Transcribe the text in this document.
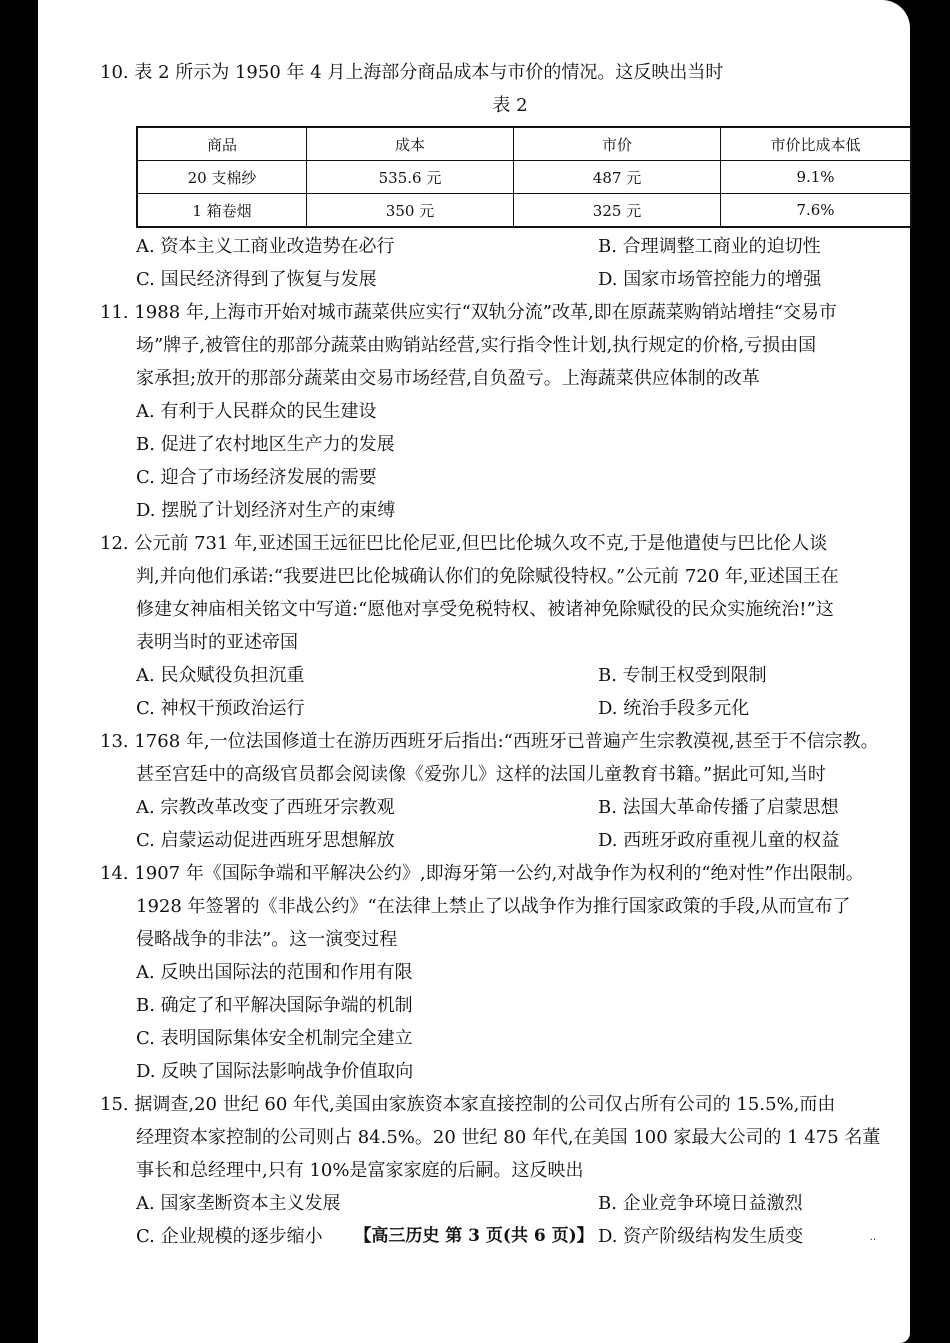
10. 表 2 所示为 1950 年 4 月上海部分商品成本与市价的情况。这反映出当时
表 2
商品	成本	市价	市价比成本低
20 支棉纱	535.6 元	487 元	9.1%
1 箱卷烟	350 元	325 元	7.6%
A. 资本主义工商业改造势在必行	B. 合理调整工商业的迫切性
C. 国民经济得到了恢复与发展	D. 国家市场管控能力的增强
11. 1988 年,上海市开始对城市蔬菜供应实行“双轨分流”改革,即在原蔬菜购销站增挂“交易市
场”牌子,被管住的那部分蔬菜由购销站经营,实行指令性计划,执行规定的价格,亏损由国
家承担;放开的那部分蔬菜由交易市场经营,自负盈亏。上海蔬菜供应体制的改革
A. 有利于人民群众的民生建设
B. 促进了农村地区生产力的发展
C. 迎合了市场经济发展的需要
D. 摆脱了计划经济对生产的束缚
12. 公元前 731 年,亚述国王远征巴比伦尼亚,但巴比伦城久攻不克,于是他遣使与巴比伦人谈
判,并向他们承诺:“我要进巴比伦城确认你们的免除赋役特权。”公元前 720 年,亚述国王在
修建女神庙相关铭文中写道:“愿他对享受免税特权、被诸神免除赋役的民众实施统治!”这
表明当时的亚述帝国
A. 民众赋役负担沉重	B. 专制王权受到限制
C. 神权干预政治运行	D. 统治手段多元化
13. 1768 年,一位法国修道士在游历西班牙后指出:“西班牙已普遍产生宗教漠视,甚至于不信宗教。
甚至宫廷中的高级官员都会阅读像《爱弥儿》这样的法国儿童教育书籍。”据此可知,当时
A. 宗教改革改变了西班牙宗教观	B. 法国大革命传播了启蒙思想
C. 启蒙运动促进西班牙思想解放	D. 西班牙政府重视儿童的权益
14. 1907 年《国际争端和平解决公约》,即海牙第一公约,对战争作为权利的“绝对性”作出限制。
1928 年签署的《非战公约》“在法律上禁止了以战争作为推行国家政策的手段,从而宣布了
侵略战争的非法”。这一演变过程
A. 反映出国际法的范围和作用有限
B. 确定了和平解决国际争端的机制
C. 表明国际集体安全机制完全建立
D. 反映了国际法影响战争价值取向
15. 据调查,20 世纪 60 年代,美国由家族资本家直接控制的公司仅占所有公司的 15.5%,而由
经理资本家控制的公司则占 84.5%。20 世纪 80 年代,在美国 100 家最大公司的 1 475 名董
事长和总经理中,只有 10%是富家家庭的后嗣。这反映出
A. 国家垄断资本主义发展	B. 企业竞争环境日益激烈
C. 企业规模的逐步缩小	D. 资产阶级结构发生质变
【高三历史 第 3 页(共 6 页)】	..
